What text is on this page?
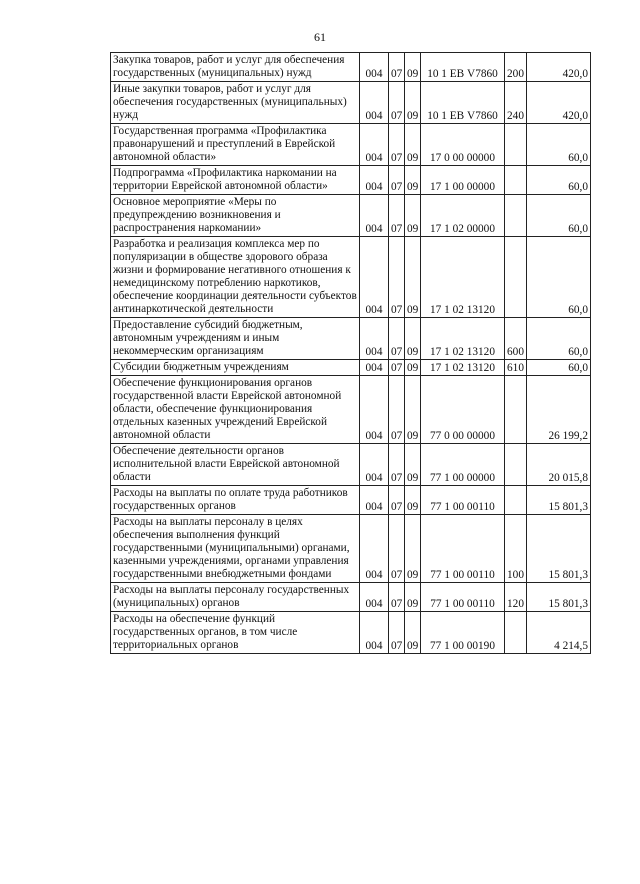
61
Закупка товаров, работ и услуг для обеспечения государственных (муниципальных) нужд	004	07	09	10 1 ЕВ V7860	200	420,0

Иные закупки товаров, работ и услуг для обеспечения государственных (муниципальных) нужд	004	07	09	10 1 ЕВ V7860	240	420,0

Государственная программа «Профилактика правонарушений и преступлений в Еврейской автономной области»	004	07	09	17 0 00 00000		60,0

Подпрограмма «Профилактика наркомании на территории Еврейской автономной области»	004	07	09	17 1 00 00000		60,0

Основное мероприятие «Меры по предупреждению возникновения и распространения наркомании»	004	07	09	17 1 02 00000		60,0

Разработка и реализация комплекса мер по популяризации в обществе здорового образа жизни и формирование негативного отношения к немедицинскому потреблению наркотиков, обеспечение координации деятельности субъектов антинаркотической деятельности	004	07	09	17 1 02 13120		60,0

Предоставление субсидий бюджетным, автономным учреждениям и иным некоммерческим организациям	004	07	09	17 1 02 13120	600	60,0

Субсидии бюджетным учреждениям	004	07	09	17 1 02 13120	610	60,0

Обеспечение функционирования органов государственной власти Еврейской автономной области, обеспечение функционирования отдельных казенных учреждений Еврейской автономной области	004	07	09	77 0 00 00000		26 199,2

Обеспечение деятельности органов исполнительной власти Еврейской автономной области	004	07	09	77 1 00 00000		20 015,8

Расходы на выплаты по оплате труда работников государственных органов	004	07	09	77 1 00 00110		15 801,3

Расходы на выплаты персоналу в целях обеспечения выполнения функций государственными (муниципальными) органами, казенными учреждениями, органами управления государственными внебюджетными фондами	004	07	09	77 1 00 00110	100	15 801,3

Расходы на выплаты персоналу государственных (муниципальных) органов	004	07	09	77 1 00 00110	120	15 801,3

Расходы на обеспечение функций государственных органов, в том числе территориальных органов	004	07	09	77 1 00 00190		4 214,5
